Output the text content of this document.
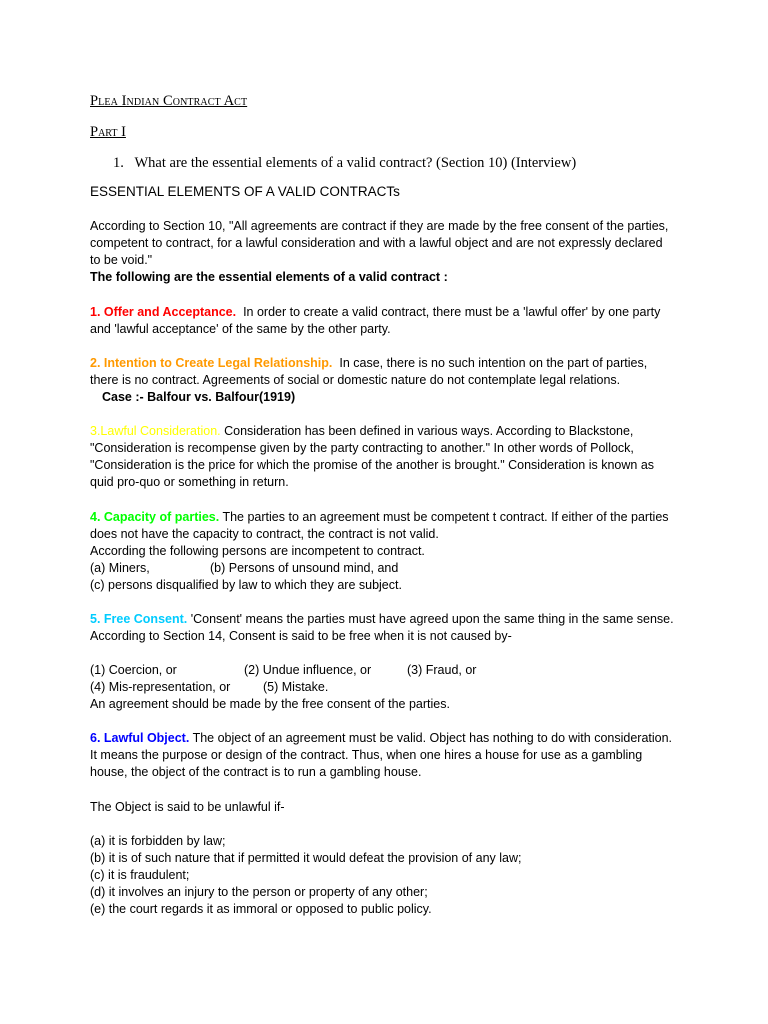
Plea Indian Contract Act
Part I
1. What are the essential elements of a valid contract? (Section 10) (Interview)
ESSENTIAL ELEMENTS OF A VALID CONTRACTs
According to Section 10, "All agreements are contract if they are made by the free consent of the parties,
competent to contract, for a lawful consideration and with a lawful object and are not expressly declared
to be void."
The following are the essential elements of a valid contract :
1. Offer and Acceptance. In order to create a valid contract, there must be a 'lawful offer' by one party
and 'lawful acceptance' of the same by the other party.
2. Intention to Create Legal Relationship. In case, there is no such intention on the part of parties,
there is no contract. Agreements of social or domestic nature do not contemplate legal relations.
Case :- Balfour vs. Balfour(1919)
3.Lawful Consideration. Consideration has been defined in various ways. According to Blackstone,
"Consideration is recompense given by the party contracting to another." In other words of Pollock,
"Consideration is the price for which the promise of the another is brought." Consideration is known as
quid pro-quo or something in return.
4. Capacity of parties. The parties to an agreement must be competent t contract. If either of the parties
does not have the capacity to contract, the contract is not valid.
According the following persons are incompetent to contract.
(a) Miners,	(b) Persons of unsound mind, and
(c) persons disqualified by law to which they are subject.
5. Free Consent. 'Consent' means the parties must have agreed upon the same thing in the same sense.
According to Section 14, Consent is said to be free when it is not caused by-
(1) Coercion, or	(2) Undue influence, or	(3) Fraud, or
(4) Mis-representation, or	(5) Mistake.
An agreement should be made by the free consent of the parties.
6. Lawful Object. The object of an agreement must be valid. Object has nothing to do with consideration.
It means the purpose or design of the contract. Thus, when one hires a house for use as a gambling
house, the object of the contract is to run a gambling house.
The Object is said to be unlawful if-
(a) it is forbidden by law;
(b) it is of such nature that if permitted it would defeat the provision of any law;
(c) it is fraudulent;
(d) it involves an injury to the person or property of any other;
(e) the court regards it as immoral or opposed to public policy.
